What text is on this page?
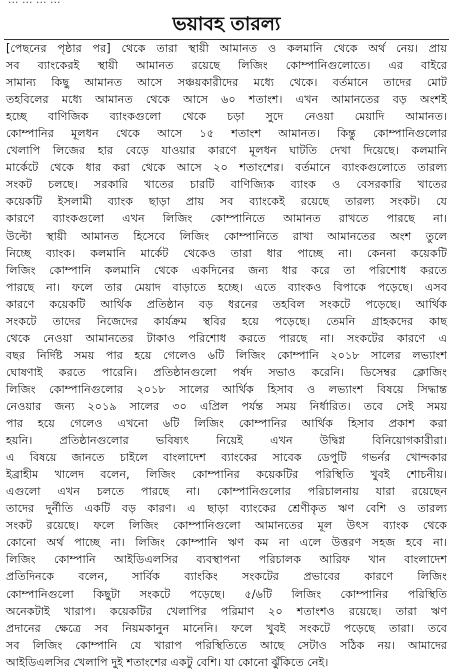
ভয়াবহ তারল্য
[পেছনের পৃষ্ঠার পর] থেকে তারা স্থায়ী আমানত ও কলমানি থেকে অর্থ নেয়। প্রায়
সব ব্যাংকেরই স্থায়ী আমানত রয়েছে লিজিং কোম্পানিগুলোতে। এর বাইরে
সামান্য কিছু আমানত আসে সঞ্চয়কারীদের মধ্যে থেকে। বর্তমানে তাদের মোট
তহবিলের মধ্যে আমানত থেকে আসে ৬০ শতাংশ। এখন আমানতের বড় অংশই
হচ্ছে বাণিজিক ব্যাংকগুলো থেকে চড়া সুদে নেওয়া মেয়াদি আমানত।
কোম্পানির মূলধন থেকে আসে ১৫ শতাংশ আমানত। কিন্তু কোম্পানিগুলোর
খেলাপি লিজের হার বেড়ে যাওয়ার কারণে মূলধন ঘাটতি দেখা দিয়েছে। কলমানি
মার্কেটে থেকে ধার করা থেকে আসে ২০ শতাংশের। বর্তমানে ব্যাংকগুলোতে তারল্য
সংকট চলছে। সরকারি খাতের চারটি বাণিজ্যিক ব্যাংক ও বেসরকারি খাতের
কয়েকটি ইসলামী ব্যাংক ছাড়া প্রায় সব ব্যাংকেই রয়েছে তারল্য সংকট। যে
কারণে ব্যাংকগুলো এখন লিজিং কোম্পানিতে আমানত রাখতে পারছে না।
উল্টো স্থায়ী আমানত হিসেবে লিজিং কোম্পানিতে রাখা আমানতের অংশ তুলে
নিচ্ছে ব্যাংক। কলমানি মার্কেট থেকেও তারা ধার পাচ্ছে না। কেননা কয়েকটি
লিজিং কোম্পানি কলমানি থেকে একদিনের জন্য ধার করে তা পরিশোধ করতে
পারছে না। ফলে তার মেয়াদ বাড়াতে হচ্ছে। এতে ব্যাংকও বিপাকে পড়েছে। এসব
কারণে কয়েকটি আর্থিক প্রতিষ্ঠান বড় ধরনের তহবিল সংকটে পড়েছে। আর্থিক
সংকটে তাদের নিজেদের কার্যক্রম স্থবির হয়ে পড়েছে। তেমনি গ্রাহকদের কাছ
থেকে নেওয়া আমানতের টাকাও পরিশোধ করতে পারছে না। সংকটের কারণে এ
বছর নির্দিষ্ট সময় পার হয়ে গেলেও ৬টি লিজিং কোম্পানি ২০১৮ সালের লভ্যাংশ
ঘোষণাই করতে পারেনি। প্রতিষ্ঠানগুলো পর্ষদ সভাও করেনি। ডিসেম্বর ক্লোজিং
লিজিং কোম্পানিগুলোর ২০১৮ সালের আর্থিক হিসাব ও লভ্যাংশ বিষয়ে সিদ্ধান্ত
নেওয়ার জন্য ২০১৯ সালের ৩০ এপ্রিল পর্যন্ত সময় নির্ধারিত। তবে সেই সময়
পার হয়ে গেলেও এখনো ৬টি লিজিং কোম্পানির আর্থিক হিসাব প্রকাশ করা
হয়নি। প্রতিষ্ঠানগুলোর ভবিষ্যৎ নিয়েই এখন উদ্বিগ্ন বিনিয়োগকারীরা।
এ বিষয়ে জানতে চাইলে বাংলাদেশ ব্যাংকের সাবেক ডেপুটি গভর্নর খোন্দকার
ইব্রাহীম খালেদ বলেন, লিজিং কোম্পানির কয়েকটির পরিস্থিতি খুবই শোচনীয়।
এগুলো এখন চলতে পারছে না। কোম্পানিগুলোর পরিচালনায় যারা রয়েছেন
তাদের দুর্নীতি একটি বড় কারণ। এ ছাড়া ব্যাংকের শ্রেণীকৃত ঋণ বেশি ও তারল্য
সংকট রয়েছে। ফলে লিজিং কোম্পানিগুলো আমানতের মূল উৎস ব্যাংক থেকে
কোনো অর্থ পাচ্ছে না। লিজিং কোম্পানি ঋণ কম না এলে উত্তরণ সহজ হবে না।
লিজিং কোম্পানি আইডিএলসির ব্যবস্থাপনা পরিচালক আরিফ খান বাংলাদেশ
প্রতিদিনকে বলেন, সার্বিক ব্যাংকিং সংকটের প্রভাবের কারণে লিজিং
কোম্পানিগুলো কিছুটা সংকটে পড়েছে। ৫/৬টি লিজিং কোম্পানির পরিস্থিতি
অনেকটাই খারাপ। কয়েকটির খেলাপির পরিমাণ ২০ শতাংশও রয়েছে। তারা ঋণ
প্রদানের ক্ষেত্রে সব নিয়মকানুন মানেনি। ফলে খুবই সংকটে পড়েছে তারা। তবে
সব লিজিং কোম্পানি যে খারাপ পরিস্থিতিতে আছে সেটাও সঠিক নয়। আমাদের
আইডিএলসির খেলাপি দুই শতাংশের একটু বেশি। যা কোনো ঝুঁকিতে নেই।
